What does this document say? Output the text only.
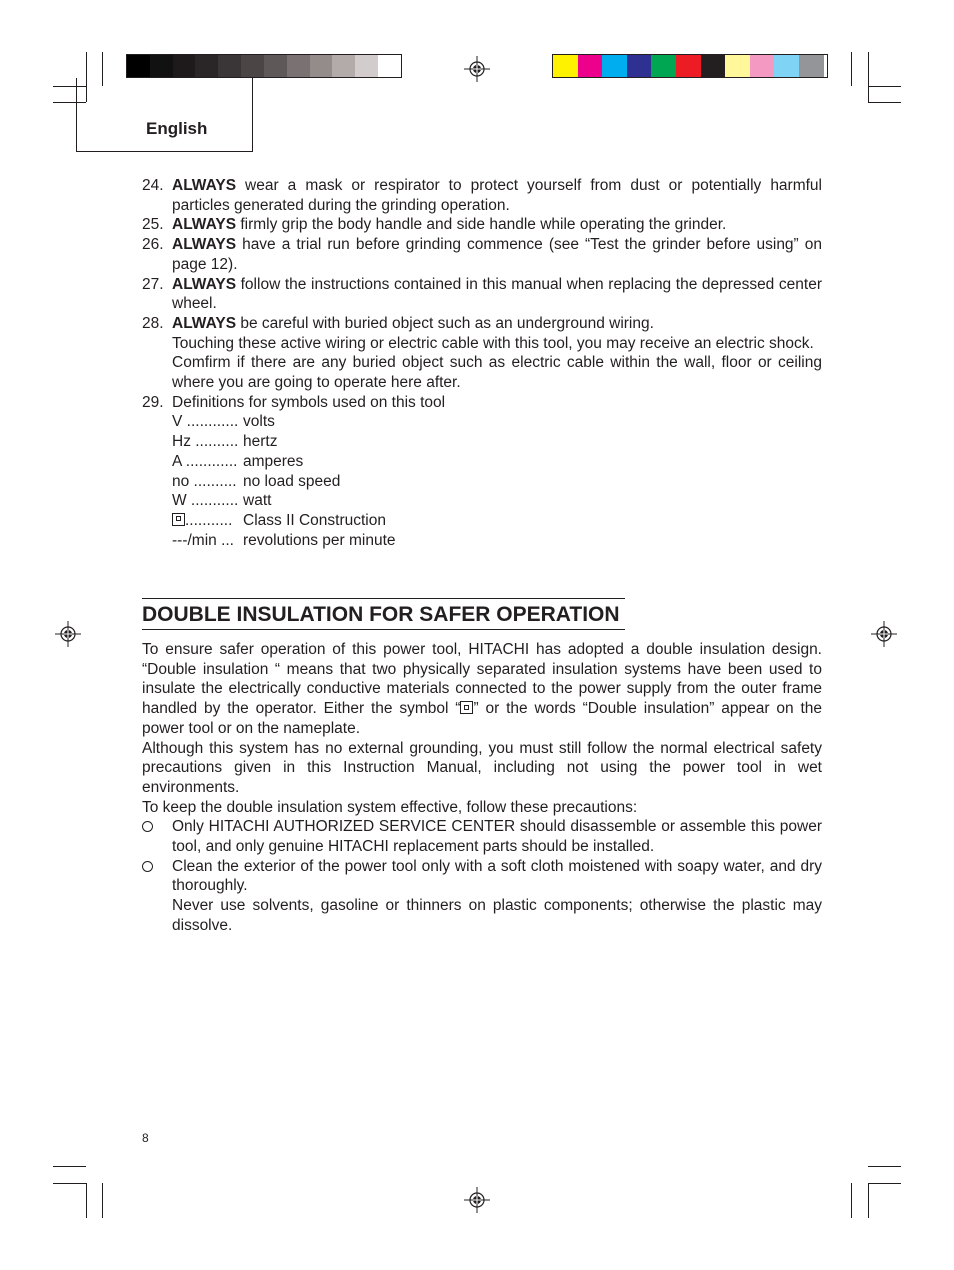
English
24. ALWAYS wear a mask or respirator to protect yourself from dust or potentially harmful particles generated during the grinding operation.
25. ALWAYS firmly grip the body handle and side handle while operating the grinder.
26. ALWAYS have a trial run before grinding commence (see “Test the grinder before using” on page 12).
27. ALWAYS follow the instructions contained in this manual when replacing the depressed center wheel.
28. ALWAYS be careful with buried object such as an underground wiring.

Touching these active wiring or electric cable with this tool, you may receive an electric shock.

Comfirm if there are any buried object such as electric cable within the wall, floor or ceiling where you are going to operate here after.

29. Definitions for symbols used on this tool

V ............ volts
Hz .......... hertz
A ............ amperes
no .......... no load speed
W ........... watt
........... Class II Construction
---/min ... revolutions per minute
DOUBLE INSULATION FOR SAFER OPERATION

To ensure safer operation of this power tool, HITACHI has adopted a double insulation design. “Double insulation “ means that two physically separated insulation systems have been used to insulate the electrically conductive materials connected to the power supply from the outer frame handled by the operator. Either the symbol “ ” or the words “Double insulation” appear on the power tool or on the nameplate.

Although this system has no external grounding, you must still follow the normal electrical safety precautions given in this Instruction Manual, including not using the power tool in wet environments.

To keep the double insulation system effective, follow these precautions:

Only HITACHI AUTHORIZED SERVICE CENTER should disassemble or assemble this power tool, and only genuine HITACHI replacement parts should be installed.

Clean the exterior of the power tool only with a soft cloth moistened with soapy water, and dry thoroughly.

Never use solvents, gasoline or thinners on plastic components; otherwise the plastic may dissolve.

8
